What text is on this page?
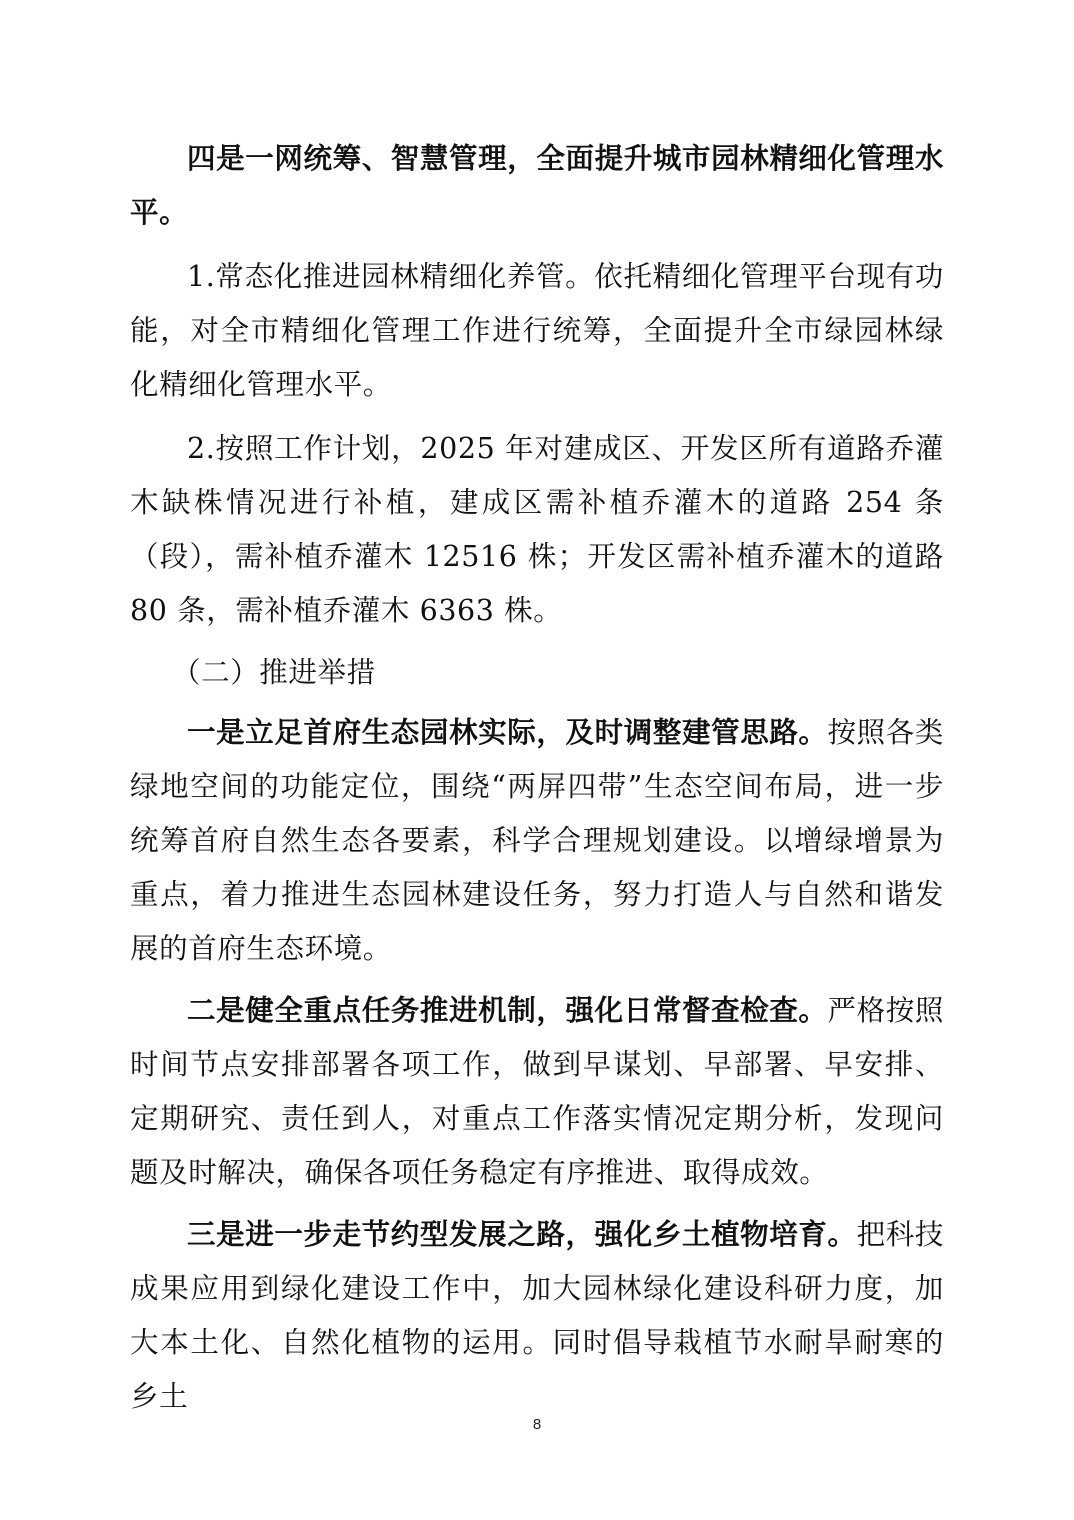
四是一网统筹、智慧管理，全面提升城市园林精细化管理水平。

1.常态化推进园林精细化养管。依托精细化管理平台现有功能，对全市精细化管理工作进行统筹，全面提升全市绿园林绿化精细化管理水平。

2.按照工作计划，2025 年对建成区、开发区所有道路乔灌木缺株情况进行补植，建成区需补植乔灌木的道路 254 条（段），需补植乔灌木 12516 株；开发区需补植乔灌木的道路 80 条，需补植乔灌木 6363 株。

（二）推进举措

一是立足首府生态园林实际，及时调整建管思路。按照各类绿地空间的功能定位，围绕“两屏四带”生态空间布局，进一步统筹首府自然生态各要素，科学合理规划建设。以增绿增景为重点，着力推进生态园林建设任务，努力打造人与自然和谐发展的首府生态环境。

二是健全重点任务推进机制，强化日常督查检查。严格按照时间节点安排部署各项工作，做到早谋划、早部署、早安排、定期研究、责任到人，对重点工作落实情况定期分析，发现问题及时解决，确保各项任务稳定有序推进、取得成效。

三是进一步走节约型发展之路，强化乡土植物培育。把科技成果应用到绿化建设工作中，加大园林绿化建设科研力度，加大本土化、自然化植物的运用。同时倡导栽植节水耐旱耐寒的乡土

8
